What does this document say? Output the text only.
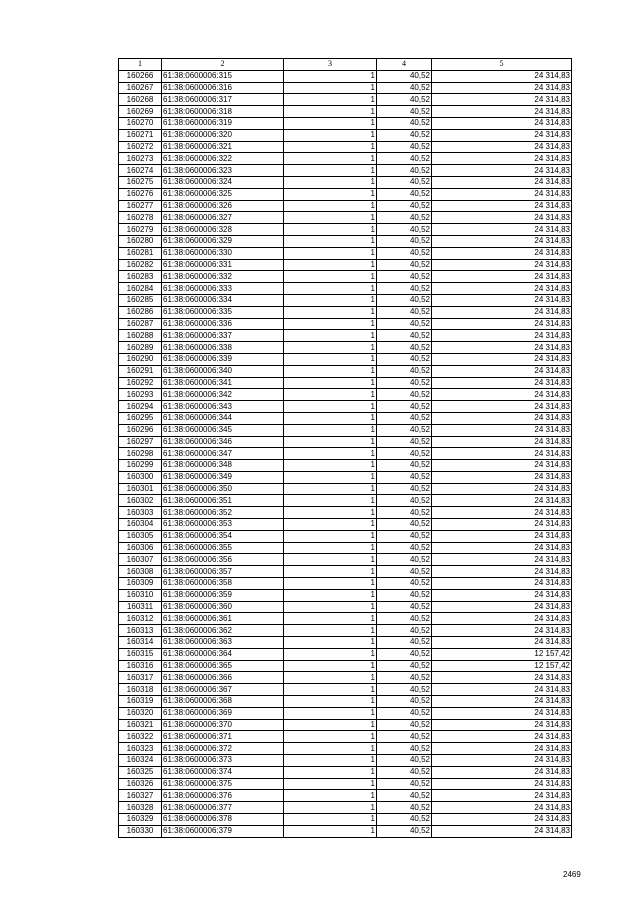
1	2	3	4	5
160266	61:38:0600006:315	1	40,52	24 314,83
160267	61:38:0600006:316	1	40,52	24 314,83
160268	61:38:0600006:317	1	40,52	24 314,83
160269	61:38:0600006:318	1	40,52	24 314,83
160270	61:38:0600006:319	1	40,52	24 314,83
160271	61:38:0600006:320	1	40,52	24 314,83
160272	61:38:0600006:321	1	40,52	24 314,83
160273	61:38:0600006:322	1	40,52	24 314,83
160274	61:38:0600006:323	1	40,52	24 314,83
160275	61:38:0600006:324	1	40,52	24 314,83
160276	61:38:0600006:325	1	40,52	24 314,83
160277	61:38:0600006:326	1	40,52	24 314,83
160278	61:38:0600006:327	1	40,52	24 314,83
160279	61:38:0600006:328	1	40,52	24 314,83
160280	61:38:0600006:329	1	40,52	24 314,83
160281	61:38:0600006:330	1	40,52	24 314,83
160282	61:38:0600006:331	1	40,52	24 314,83
160283	61:38:0600006:332	1	40,52	24 314,83
160284	61:38:0600006:333	1	40,52	24 314,83
160285	61:38:0600006:334	1	40,52	24 314,83
160286	61:38:0600006:335	1	40,52	24 314,83
160287	61:38:0600006:336	1	40,52	24 314,83
160288	61:38:0600006:337	1	40,52	24 314,83
160289	61:38:0600006:338	1	40,52	24 314,83
160290	61:38:0600006:339	1	40,52	24 314,83
160291	61:38:0600006:340	1	40,52	24 314,83
160292	61:38:0600006:341	1	40,52	24 314,83
160293	61:38:0600006:342	1	40,52	24 314,83
160294	61:38:0600006:343	1	40,52	24 314,83
160295	61:38:0600006:344	1	40,52	24 314,83
160296	61:38:0600006:345	1	40,52	24 314,83
160297	61:38:0600006:346	1	40,52	24 314,83
160298	61:38:0600006:347	1	40,52	24 314,83
160299	61:38:0600006:348	1	40,52	24 314,83
160300	61:38:0600006:349	1	40,52	24 314,83
160301	61:38:0600006:350	1	40,52	24 314,83
160302	61:38:0600006:351	1	40,52	24 314,83
160303	61:38:0600006:352	1	40,52	24 314,83
160304	61:38:0600006:353	1	40,52	24 314,83
160305	61:38:0600006:354	1	40,52	24 314,83
160306	61:38:0600006:355	1	40,52	24 314,83
160307	61:38:0600006:356	1	40,52	24 314,83
160308	61:38:0600006:357	1	40,52	24 314,83
160309	61:38:0600006:358	1	40,52	24 314,83
160310	61:38:0600006:359	1	40,52	24 314,83
160311	61:38:0600006:360	1	40,52	24 314,83
160312	61:38:0600006:361	1	40,52	24 314,83
160313	61:38:0600006:362	1	40,52	24 314,83
160314	61:38:0600006:363	1	40,52	24 314,83
160315	61:38:0600006:364	1	40,52	12 157,42
160316	61:38:0600006:365	1	40,52	12 157,42
160317	61:38:0600006:366	1	40,52	24 314,83
160318	61:38:0600006:367	1	40,52	24 314,83
160319	61:38:0600006:368	1	40,52	24 314,83
160320	61:38:0600006:369	1	40,52	24 314,83
160321	61:38:0600006:370	1	40,52	24 314,83
160322	61:38:0600006:371	1	40,52	24 314,83
160323	61:38:0600006:372	1	40,52	24 314,83
160324	61:38:0600006:373	1	40,52	24 314,83
160325	61:38:0600006:374	1	40,52	24 314,83
160326	61:38:0600006:375	1	40,52	24 314,83
160327	61:38:0600006:376	1	40,52	24 314,83
160328	61:38:0600006:377	1	40,52	24 314,83
160329	61:38:0600006:378	1	40,52	24 314,83
160330	61:38:0600006:379	1	40,52	24 314,83
2469
